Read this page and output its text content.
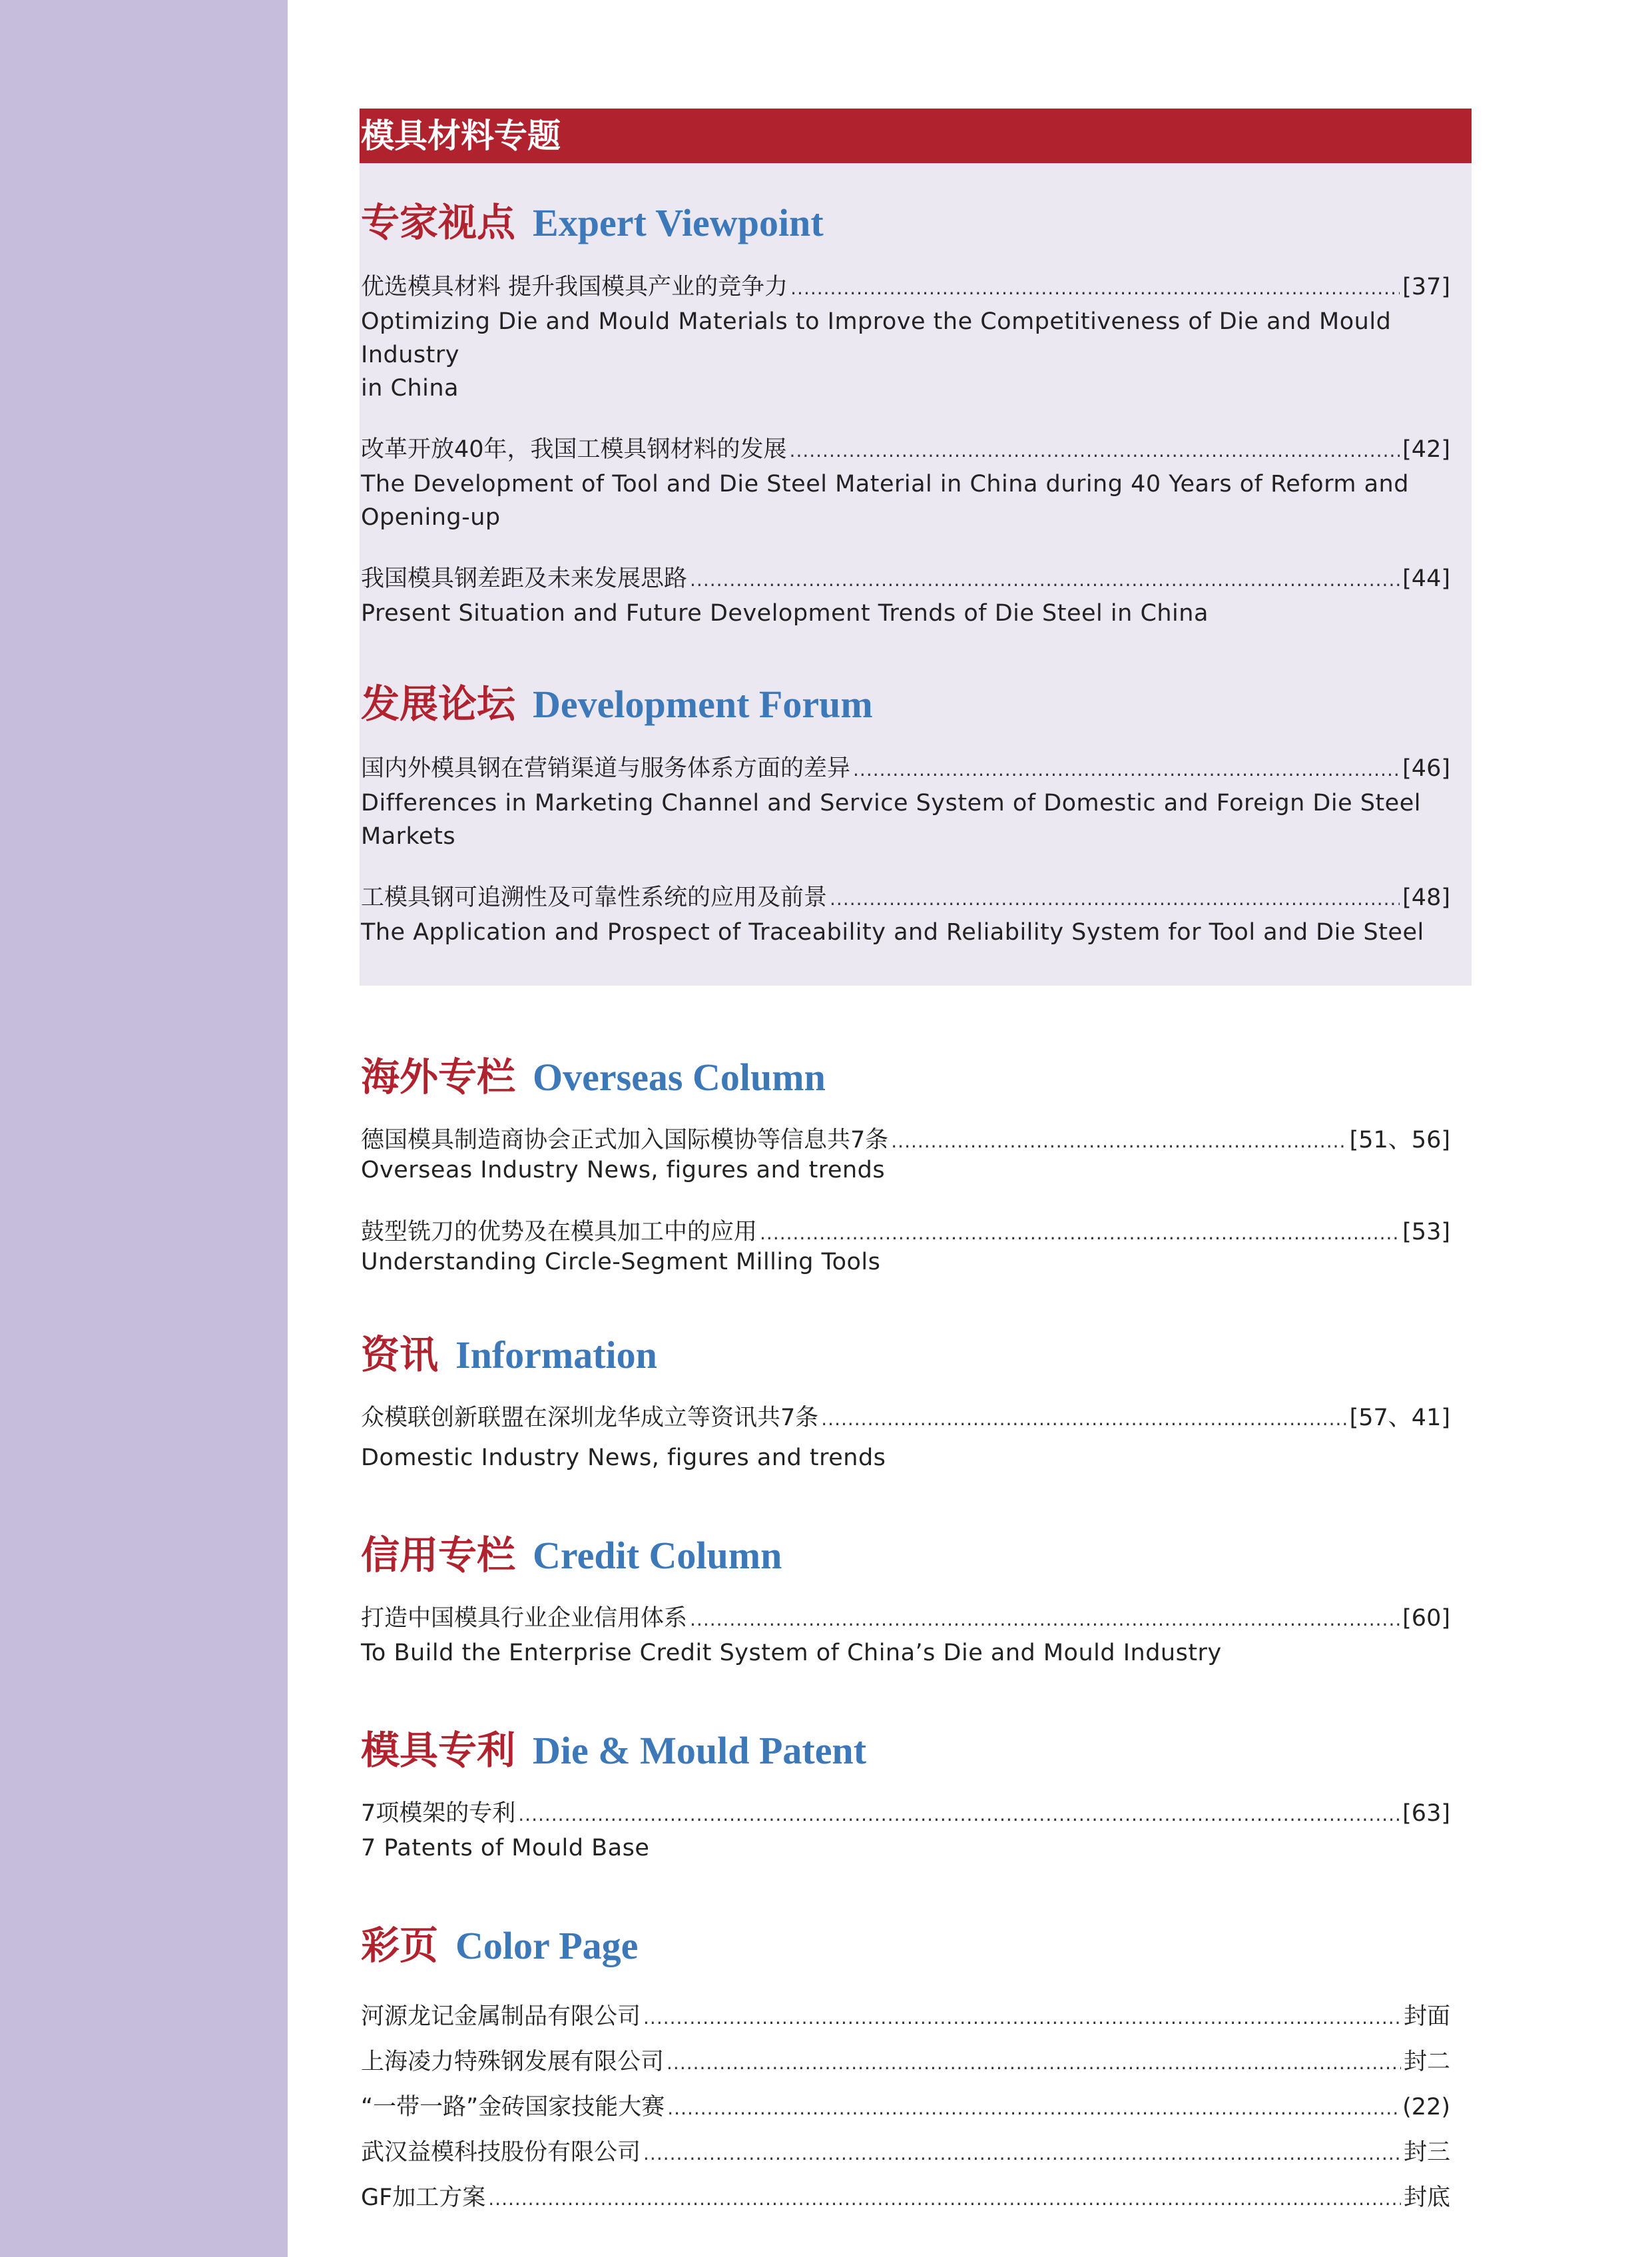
模具材料专题
专家视点 Expert Viewpoint
优选模具材料 提升我国模具产业的竞争力 .....	[37]
Optimizing Die and Mould Materials to Improve the Competitiveness of Die and Mould Industry
in China
改革开放40年，我国工模具钢材料的发展 .....	[42]
The Development of Tool and Die Steel Material in China during 40 Years of Reform and
Opening-up
我国模具钢差距及未来发展思路 .....	[44]
Present Situation and Future Development Trends of Die Steel in China
发展论坛 Development Forum
国内外模具钢在营销渠道与服务体系方面的差异 .....	[46]
Differences in Marketing Channel and Service System of Domestic and Foreign Die Steel Markets
工模具钢可追溯性及可靠性系统的应用及前景 .....	[48]
The Application and Prospect of Traceability and Reliability System for Tool and Die Steel
海外专栏 Overseas Column
德国模具制造商协会正式加入国际模协等信息共7条 .....	[51、56]
Overseas Industry News, figures and trends
鼓型铣刀的优势及在模具加工中的应用 .....	[53]
Understanding Circle-Segment Milling Tools
资讯 Information
众模联创新联盟在深圳龙华成立等资讯共7条 .....	[57、41]
Domestic Industry News, figures and trends
信用专栏 Credit Column
打造中国模具行业企业信用体系 .....	[60]
To Build the Enterprise Credit System of China’s Die and Mould Industry
模具专利 Die & Mould Patent
7项模架的专利 .....	[63]
7 Patents of Mould Base
彩页 Color Page
河源龙记金属制品有限公司 .....	封面
上海凌力特殊钢发展有限公司 .....	封二
“一带一路”金砖国家技能大赛 .....	(22)
武汉益模科技股份有限公司 .....	封三
GF加工方案 .....	封底
